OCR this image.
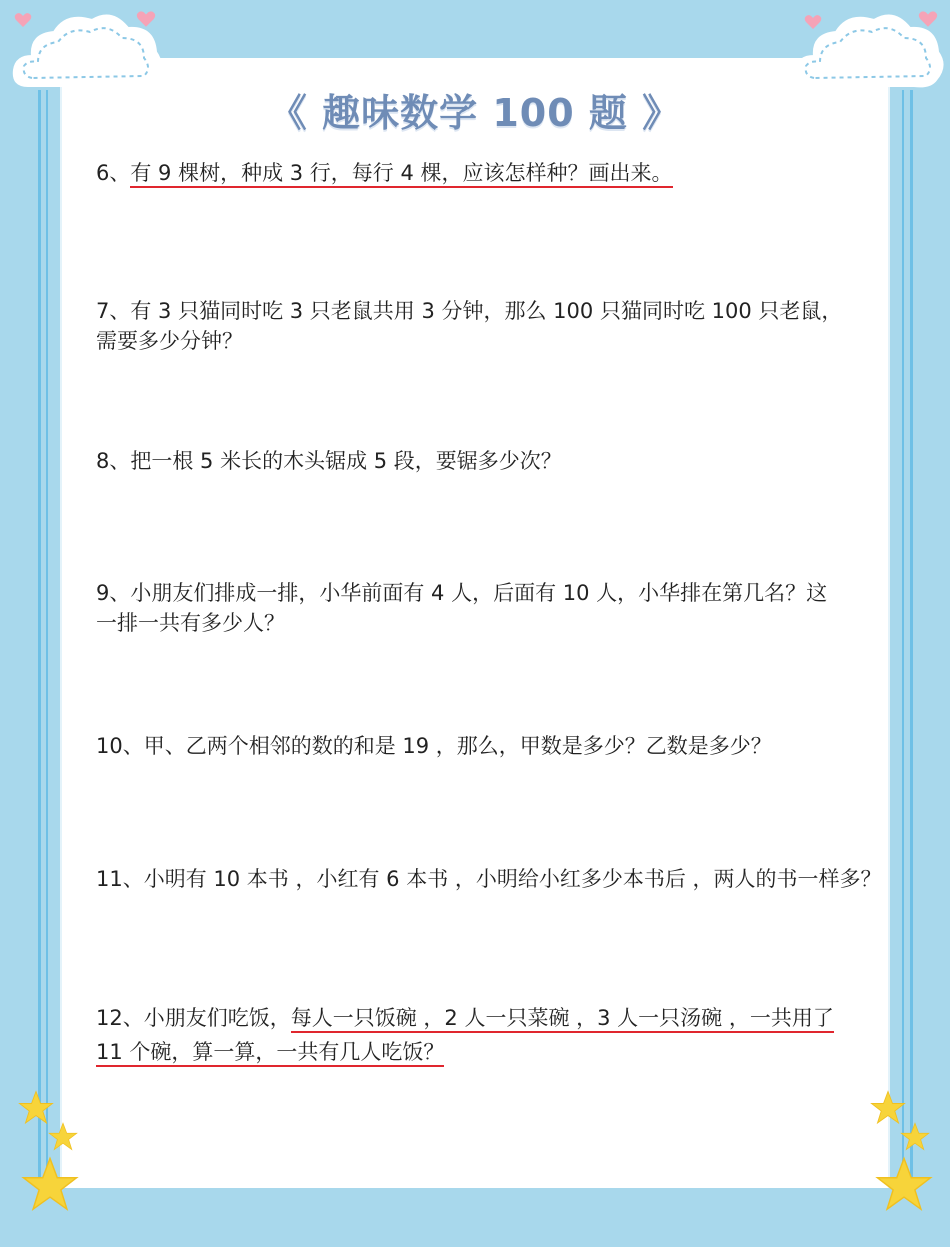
《 趣味数学 100 题 》
6、有 9 棵树，种成 3 行，每行 4 棵，应该怎样种？画出来。
7、有 3 只猫同时吃 3 只老鼠共用 3 分钟，那么 100 只猫同时吃 100 只老鼠，
需要多少分钟？
8、把一根 5 米长的木头锯成 5 段，要锯多少次？
9、小朋友们排成一排，小华前面有 4 人，后面有 10 人，小华排在第几名？这
一排一共有多少人？
10、甲、乙两个相邻的数的和是 19 ，那么，甲数是多少？乙数是多少？
11、小明有 10 本书 ，小红有 6 本书 ，小明给小红多少本书后 ，两人的书一样多？
12、小朋友们吃饭，每人一只饭碗 ，2 人一只菜碗 ，3 人一只汤碗 ，一共用了
11 个碗，算一算，一共有几人吃饭？
